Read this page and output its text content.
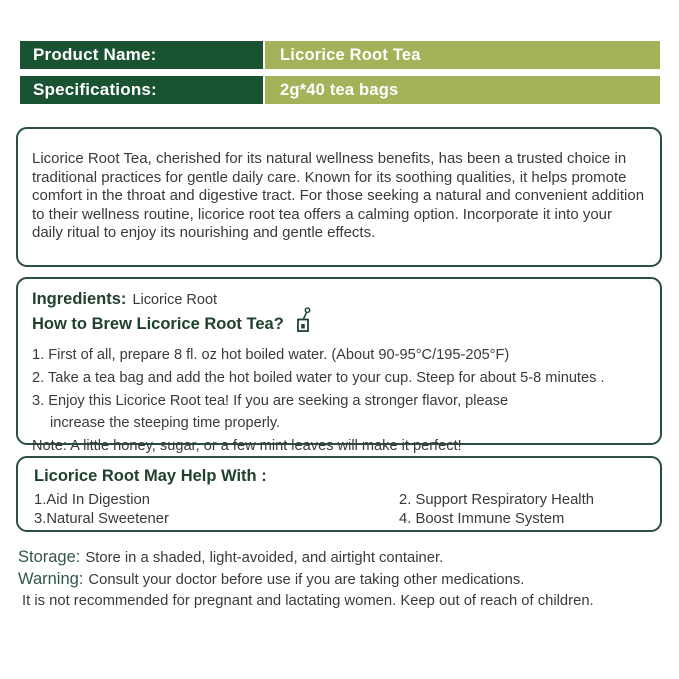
Product Name:	Licorice Root Tea
Specifications:	2g*40 tea bags

Licorice Root Tea, cherished for its natural wellness benefits, has been a trusted choice in traditional practices for gentle daily care. Known for its soothing qualities, it helps promote comfort in the throat and digestive tract. For those seeking a natural and convenient addition to their wellness routine, licorice root tea offers a calming option. Incorporate it into your daily ritual to enjoy its nourishing and gentle effects.

Ingredients: Licorice Root
How to Brew Licorice Root Tea?
1. First of all, prepare 8 fl. oz hot boiled water. (About 90-95°C/195-205°F)
2. Take a tea bag and add the hot boiled water to your cup. Steep for about 5-8 minutes .
3. Enjoy this Licorice Root tea! If you are seeking a stronger flavor, please
increase the steeping time properly.
Note: A little honey, sugar, or a few mint leaves will make it perfect!
Licorice Root May Help With :
1.Aid In Digestion
3.Natural Sweetener
2. Support Respiratory Health
4. Boost Immune System
Storage: Store in a shaded, light-avoided, and airtight container.
Warning: Consult your doctor before use if you are taking other medications.
It is not recommended for pregnant and lactating women. Keep out of reach of children.
